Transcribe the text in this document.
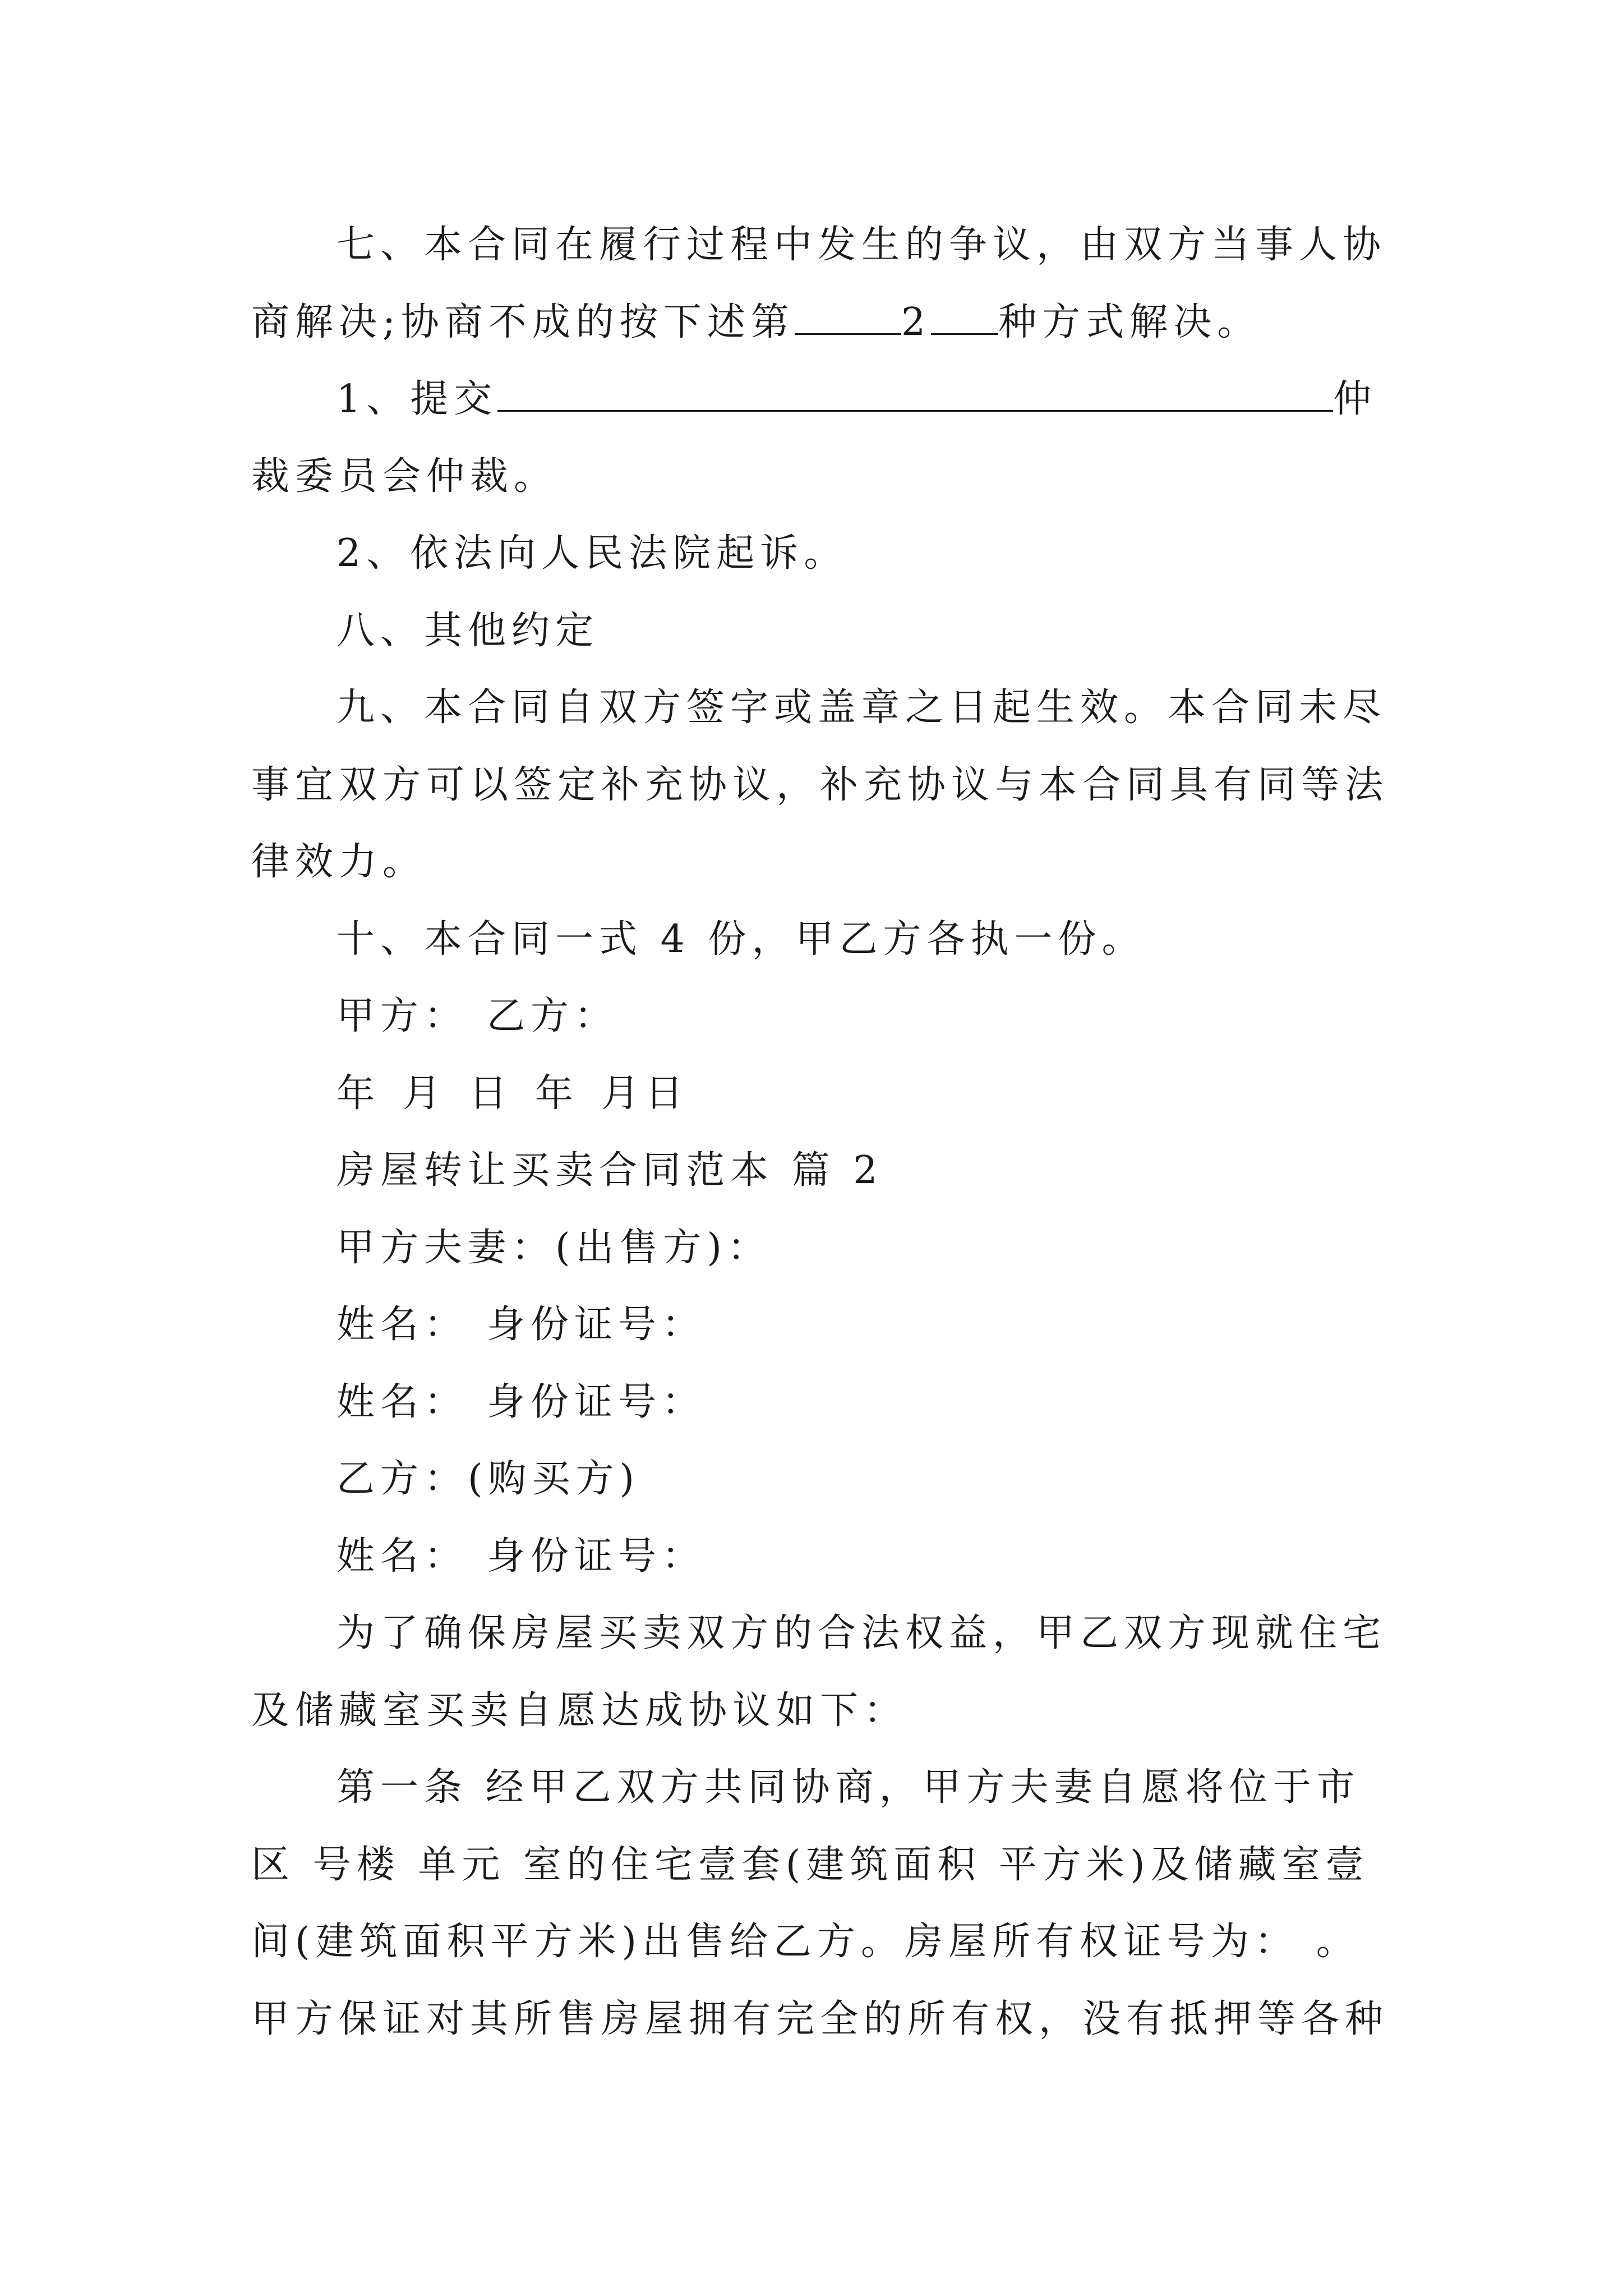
七、本合同在履行过程中发生的争议，由双方当事人协
商解决;协商不成的按下述第	2 种方式解决。
1、提交	仲
裁委员会仲裁。
2、依法向人民法院起诉。
八、其他约定
九、本合同自双方签字或盖章之日起生效。本合同未尽
事宜双方可以签定补充协议，补充协议与本合同具有同等法
律效力。
十、本合同一式 4 份，甲乙方各执一份。
甲方： 乙方：
年 月 日 年 月日
房屋转让买卖合同范本 篇 2
甲方夫妻：(出售方)：
姓名： 身份证号：
姓名： 身份证号：
乙方：(购买方)
姓名： 身份证号：
为了确保房屋买卖双方的合法权益，甲乙双方现就住宅
及储藏室买卖自愿达成协议如下：
第一条 经甲乙双方共同协商，甲方夫妻自愿将位于市
区 号楼 单元 室的住宅壹套(建筑面积 平方米)及储藏室壹
间(建筑面积平方米)出售给乙方。房屋所有权证号为： 。
甲方保证对其所售房屋拥有完全的所有权，没有抵押等各种
